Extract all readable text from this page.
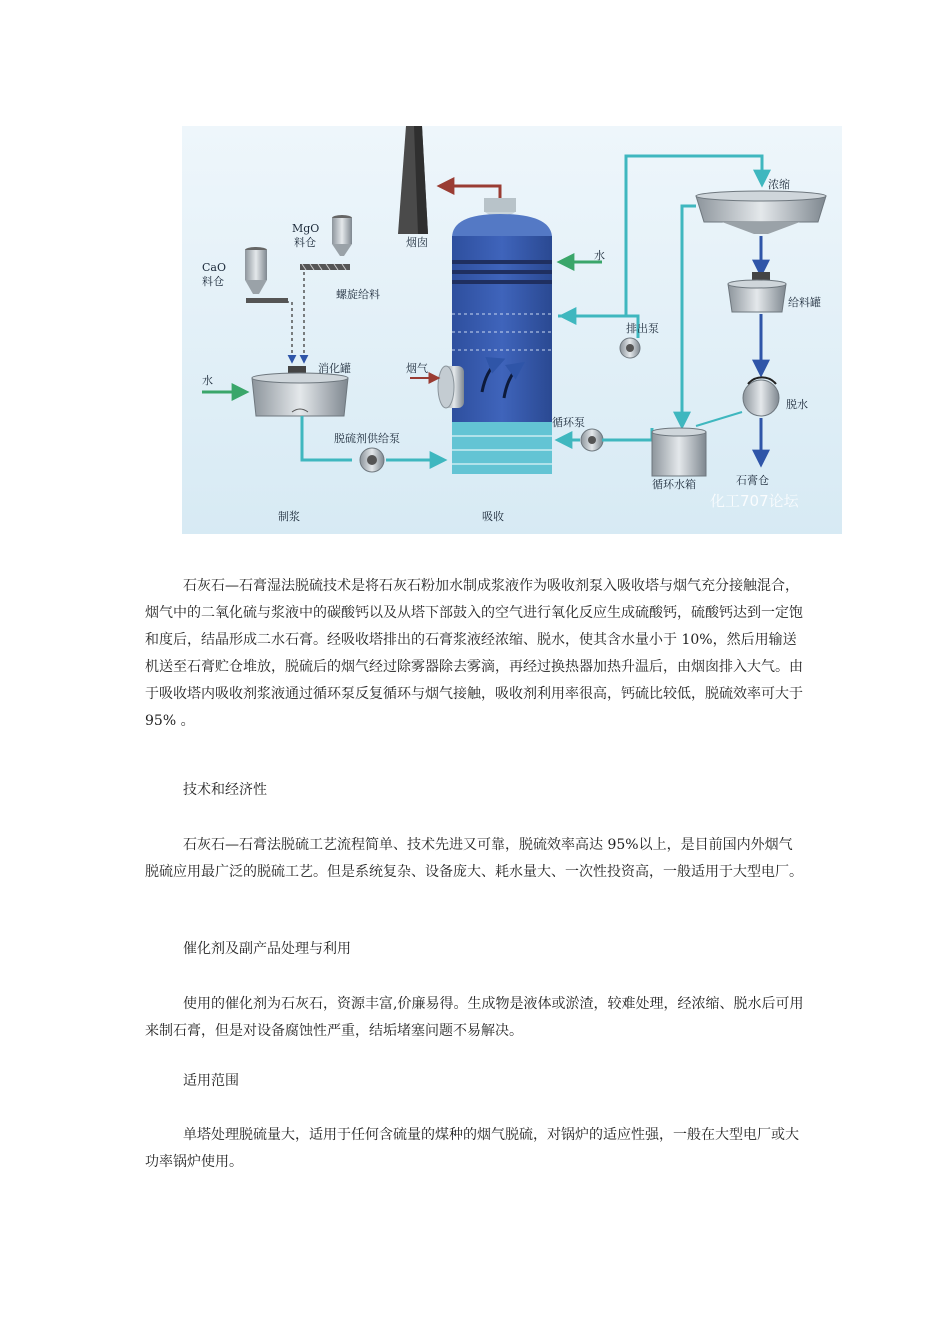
烟囱
MgO
料仓
CaO
料仓
螺旋给料
消化罐
水
水
烟气
脱硫剂供给泵
循环泵
排出泵
浓缩
给料罐
脱水
循环水箱	石膏仓
制浆	吸收
化工707论坛

石灰石—石膏湿法脱硫技术是将石灰石粉加水制成浆液作为吸收剂泵入吸收塔与烟气充分接触混合，烟气中的二氧化硫与浆液中的碳酸钙以及从塔下部鼓入的空气进行氧化反应生成硫酸钙，硫酸钙达到一定饱和度后，结晶形成二水石膏。经吸收塔排出的石膏浆液经浓缩、脱水，使其含水量小于 10%，然后用输送机送至石膏贮仓堆放，脱硫后的烟气经过除雾器除去雾滴，再经过换热器加热升温后，由烟囱排入大气。由于吸收塔内吸收剂浆液通过循环泵反复循环与烟气接触，吸收剂利用率很高，钙硫比较低，脱硫效率可大于 95% 。

技术和经济性

石灰石—石膏法脱硫工艺流程简单、技术先进又可靠，脱硫效率高达 95%以上，是目前国内外烟气脱硫应用最广泛的脱硫工艺。但是系统复杂、设备庞大、耗水量大、一次性投资高，一般适用于大型电厂。

催化剂及副产品处理与利用

使用的催化剂为石灰石，资源丰富,价廉易得。生成物是液体或淤渣，较难处理，经浓缩、脱水后可用来制石膏，但是对设备腐蚀性严重，结垢堵塞问题不易解决。

适用范围

单塔处理脱硫量大，适用于任何含硫量的煤种的烟气脱硫，对锅炉的适应性强，一般在大型电厂或大功率锅炉使用。
